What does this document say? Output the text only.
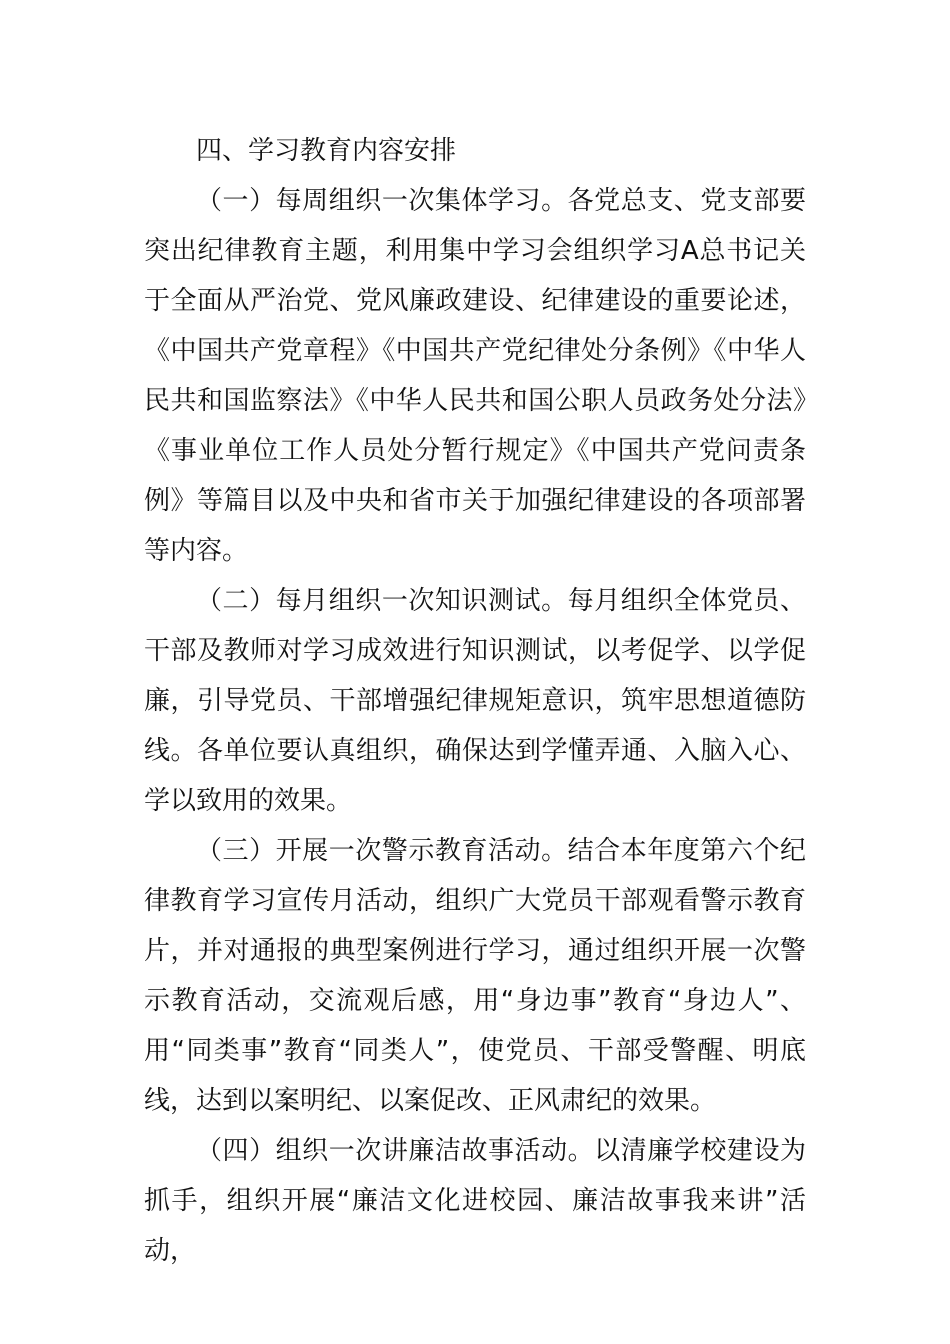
四、学习教育内容安排

（一）每周组织一次集体学习。各党总支、党支部要突出纪律教育主题，利用集中学习会组织学习A总书记关于全面从严治党、党风廉政建设、纪律建设的重要论述，《中国共产党章程》《中国共产党纪律处分条例》《中华人民共和国监察法》《中华人民共和国公职人员政务处分法》《事业单位工作人员处分暂行规定》《中国共产党问责条例》等篇目以及中央和省市关于加强纪律建设的各项部署等内容。

（二）每月组织一次知识测试。每月组织全体党员、干部及教师对学习成效进行知识测试，以考促学、以学促廉，引导党员、干部增强纪律规矩意识，筑牢思想道德防线。各单位要认真组织，确保达到学懂弄通、入脑入心、学以致用的效果。

（三）开展一次警示教育活动。结合本年度第六个纪律教育学习宣传月活动，组织广大党员干部观看警示教育片，并对通报的典型案例进行学习，通过组织开展一次警示教育活动，交流观后感，用“身边事”教育“身边人”、用“同类事”教育“同类人”，使党员、干部受警醒、明底线，达到以案明纪、以案促改、正风肃纪的效果。

（四）组织一次讲廉洁故事活动。以清廉学校建设为抓手，组织开展“廉洁文化进校园、廉洁故事我来讲”活动，
